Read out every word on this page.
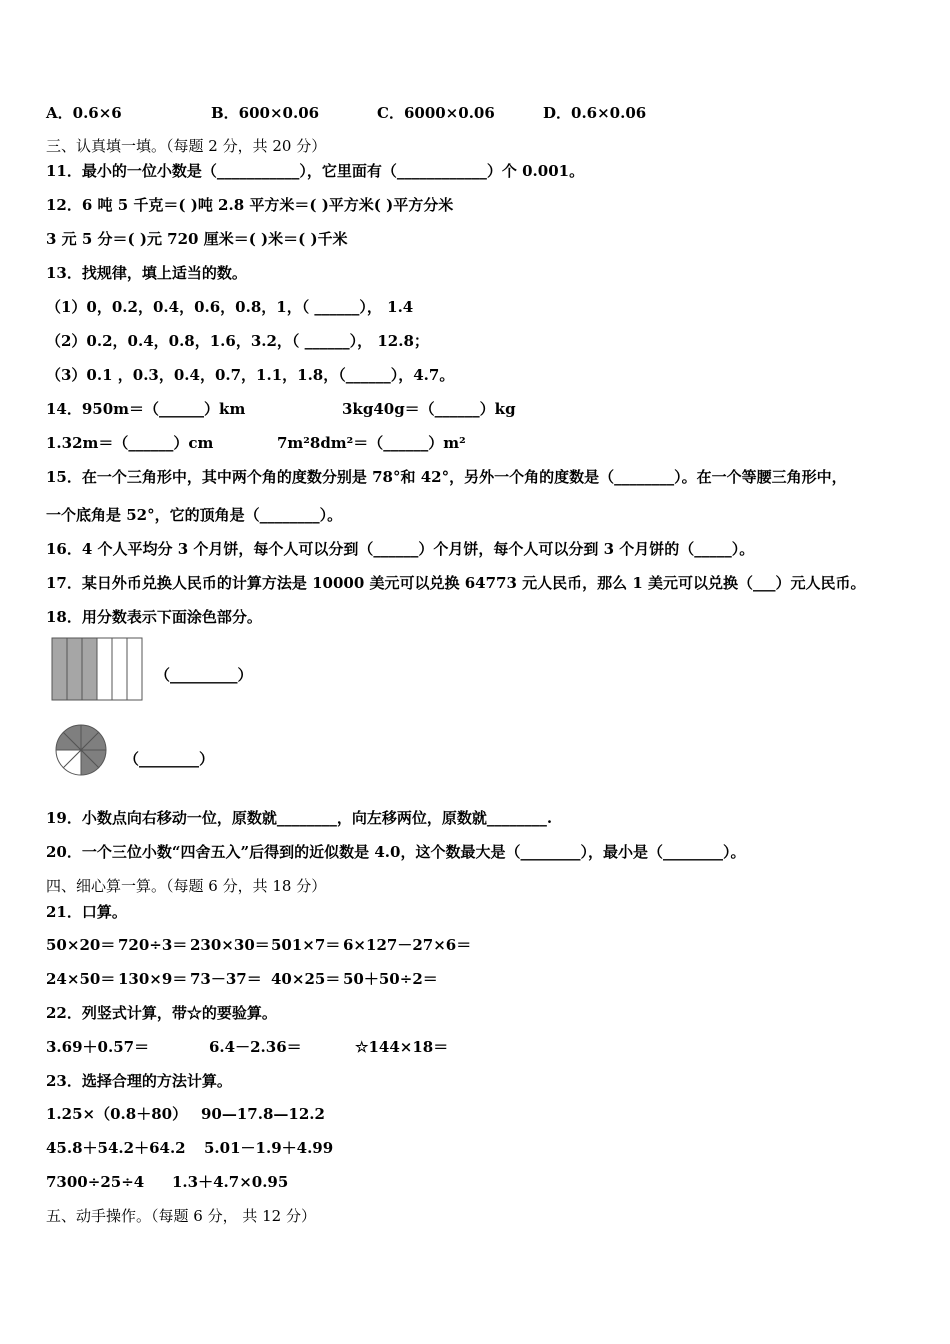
A．0.6×6	B．600×0.06	C．6000×0.06	D．0.6×0.06
三、认真填一填。（每题 2 分，共 20 分）
11．最小的一位小数是（___________），它里面有（____________）个 0.001。
12．6 吨 5 千克＝( )吨 2.8 平方米＝( )平方米( )平方分米
3 元 5 分＝( )元 720 厘米＝( )米＝( )千米
13．找规律，填上适当的数。
（1）0，0.2，0.4，0.6，0.8，1，（ ______）， 1.4
（2）0.2，0.4，0.8，1.6，3.2，（ ______）， 12.8；
（3）0.1 ，0.3，0.4，0.7，1.1，1.8，（______），4.7。
14．950m＝（______）km	3kg40g＝（______）kg
1.32m＝（______）cm	7m²8dm²＝（______）m²
15．在一个三角形中，其中两个角的度数分别是 78°和 42°，另外一个角的度数是（________）。在一个等腰三角形中，
一个底角是 52°，它的顶角是（________）。
16．4 个人平均分 3 个月饼，每个人可以分到（______）个月饼，每个人可以分到 3 个月饼的（_____）。
17．某日外币兑换人民币的计算方法是 10000 美元可以兑换 64773 元人民币，那么 1 美元可以兑换（___）元人民币。
18．用分数表示下面涂色部分。
（_________）
（________）
19．小数点向右移动一位，原数就________，向左移两位，原数就________.
20．一个三位小数“四舍五入”后得到的近似数是 4.0，这个数最大是（________），最小是（________）。
四、细心算一算。（每题 6 分，共 18 分）
21．口算。
50×20＝ 720÷3＝ 230×30＝ 501×7＝ 6×127－27×6＝
24×50＝ 130×9＝ 73－37＝ 40×25＝ 50＋50÷2＝
22．列竖式计算，带☆的要验算。
3.69＋0.57＝	6.4－2.36＝	☆144×18＝
23．选择合理的方法计算。
1.25×（0.8＋80） 90—17.8—12.2
45.8＋54.2＋64.2 5.01－1.9＋4.99
7300÷25÷4 1.3＋4.7×0.95
五、动手操作。（每题 6 分， 共 12 分）
